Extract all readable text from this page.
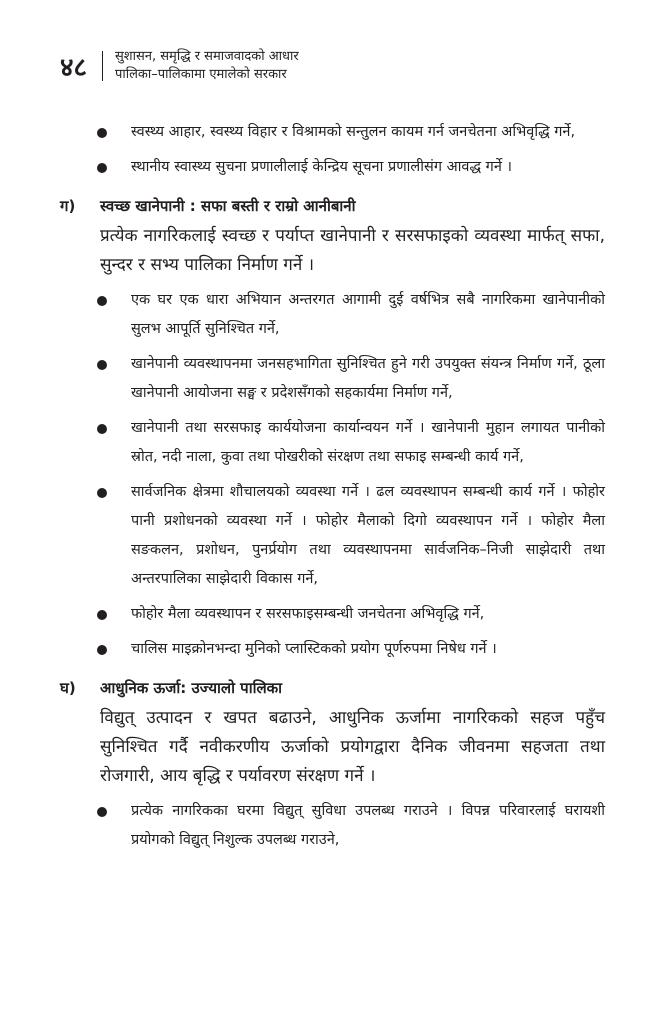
४८	सुशासन, समृद्धि र समाजवादको आधार
पालिका–पालिकामा एमालेको सरकार
स्वस्थ्य आहार, स्वस्थ्य विहार र विश्रामको सन्तुलन कायम गर्न जनचेतना अभिवृद्धि गर्ने,
स्थानीय स्वास्थ्य सुचना प्रणालीलाई केन्द्रिय सूचना प्रणालीसंग आवद्ध गर्ने ।
ग)	स्वच्छ खानेपानी : सफा बस्ती र राम्रो आनीबानी
प्रत्येक नागरिकलाई स्वच्छ र पर्याप्त खानेपानी र सरसफाइको व्यवस्था मार्फत् सफा, सुन्दर र सभ्य पालिका निर्माण गर्ने ।
एक घर एक धारा अभियान अन्तरगत आगामी दुई वर्षभित्र सबै नागरिकमा खानेपानीको सुलभ आपूर्ति सुनिश्चित गर्ने,
खानेपानी व्यवस्थापनमा जनसहभागिता सुनिश्चित हुने गरी उपयुक्त संयन्त्र निर्माण गर्ने, ठूला खानेपानी आयोजना सङ्घ र प्रदेशसँगको सहकार्यमा निर्माण गर्ने,
खानेपानी तथा सरसफाइ कार्ययोजना कार्यान्वयन गर्ने । खानेपानी मुहान लगायत पानीको स्रोत, नदी नाला, कुवा तथा पोखरीको संरक्षण तथा सफाइ सम्बन्धी कार्य गर्ने,
सार्वजनिक क्षेत्रमा शौचालयको व्यवस्था गर्ने । ढल व्यवस्थापन सम्बन्धी कार्य गर्ने । फोहोर पानी प्रशोधनको व्यवस्था गर्ने । फोहोर मैलाको दिगो व्यवस्थापन गर्ने । फोहोर मैला सङकलन, प्रशोधन, पुनर्प्रयोग तथा व्यवस्थापनमा सार्वजनिक–निजी साझेदारी तथा अन्तरपालिका साझेदारी विकास गर्ने,
फोहोर मैला व्यवस्थापन र सरसफाइसम्बन्धी जनचेतना अभिवृद्धि गर्ने,
चालिस माइक्रोनभन्दा मुनिको प्लास्टिकको प्रयोग पूर्णरुपमा निषेध गर्ने ।
घ)	आधुनिक ऊर्जा: उज्यालो पालिका
विद्युत् उत्पादन र खपत बढाउने, आधुनिक ऊर्जामा नागरिकको सहज पहुँच सुनिश्चित गर्दै नवीकरणीय ऊर्जाको प्रयोगद्वारा दैनिक जीवनमा सहजता तथा रोजगारी, आय बृद्धि र पर्यावरण संरक्षण गर्ने ।
प्रत्येक नागरिकका घरमा विद्युत् सुविधा उपलब्ध गराउने । विपन्न परिवारलाई घरायशी प्रयोगको विद्युत् निशुल्क उपलब्ध गराउने,
